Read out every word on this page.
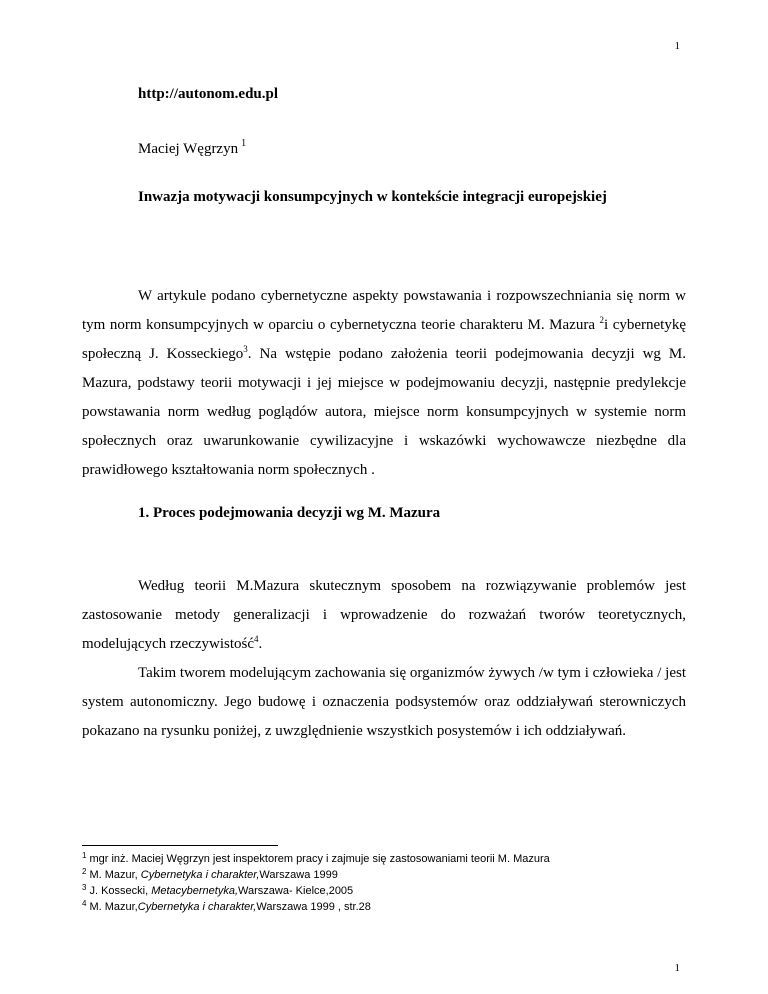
1
http://autonom.edu.pl
Maciej Węgrzyn $^1$
Inwazja motywacji konsumpcyjnych w kontekście integracji europejskiej
W artykule podano cybernetyczne aspekty powstawania i rozpowszechniania się norm w tym norm konsumpcyjnych w oparciu o cybernetyczna teorie charakteru M. Mazura $^2$i cybernetykę społeczną J. Kosseckiego$^3$. Na wstępie podano założenia teorii podejmowania decyzji wg M. Mazura, podstawy teorii motywacji i jej miejsce w podejmowaniu decyzji, następnie predylekcje powstawania norm według poglądów autora, miejsce norm konsumpcyjnych w systemie norm społecznych oraz uwarunkowanie cywilizacyjne i wskazówki wychowawcze niezbędne dla prawidłowego kształtowania norm społecznych .
1. Proces podejmowania decyzji wg M. Mazura

Według teorii M.Mazura skutecznym sposobem na rozwiązywanie problemów jest zastosowanie metody generalizacji i wprowadzenie do rozważań tworów teoretycznych, modelujących rzeczywistość$^4$.

Takim tworem modelującym zachowania się organizmów żywych /w tym i człowieka / jest system autonomiczny. Jego budowę i oznaczenia podsystemów oraz oddziaływań sterowniczych pokazano na rysunku poniżej, z uwzględnienie wszystkich posystemów i ich oddziaływań.

$^1$ mgr inż. Maciej Węgrzyn jest inspektorem pracy i zajmuje się zastosowaniami teorii M. Mazura
$^2$ M. Mazur, Cybernetyka i charakter,Warszawa 1999
$^3$ J. Kossecki, Metacybernetyka,Warszawa- Kielce,2005
$^4$ M. Mazur,Cybernetyka i charakter,Warszawa 1999 , str.28
1
